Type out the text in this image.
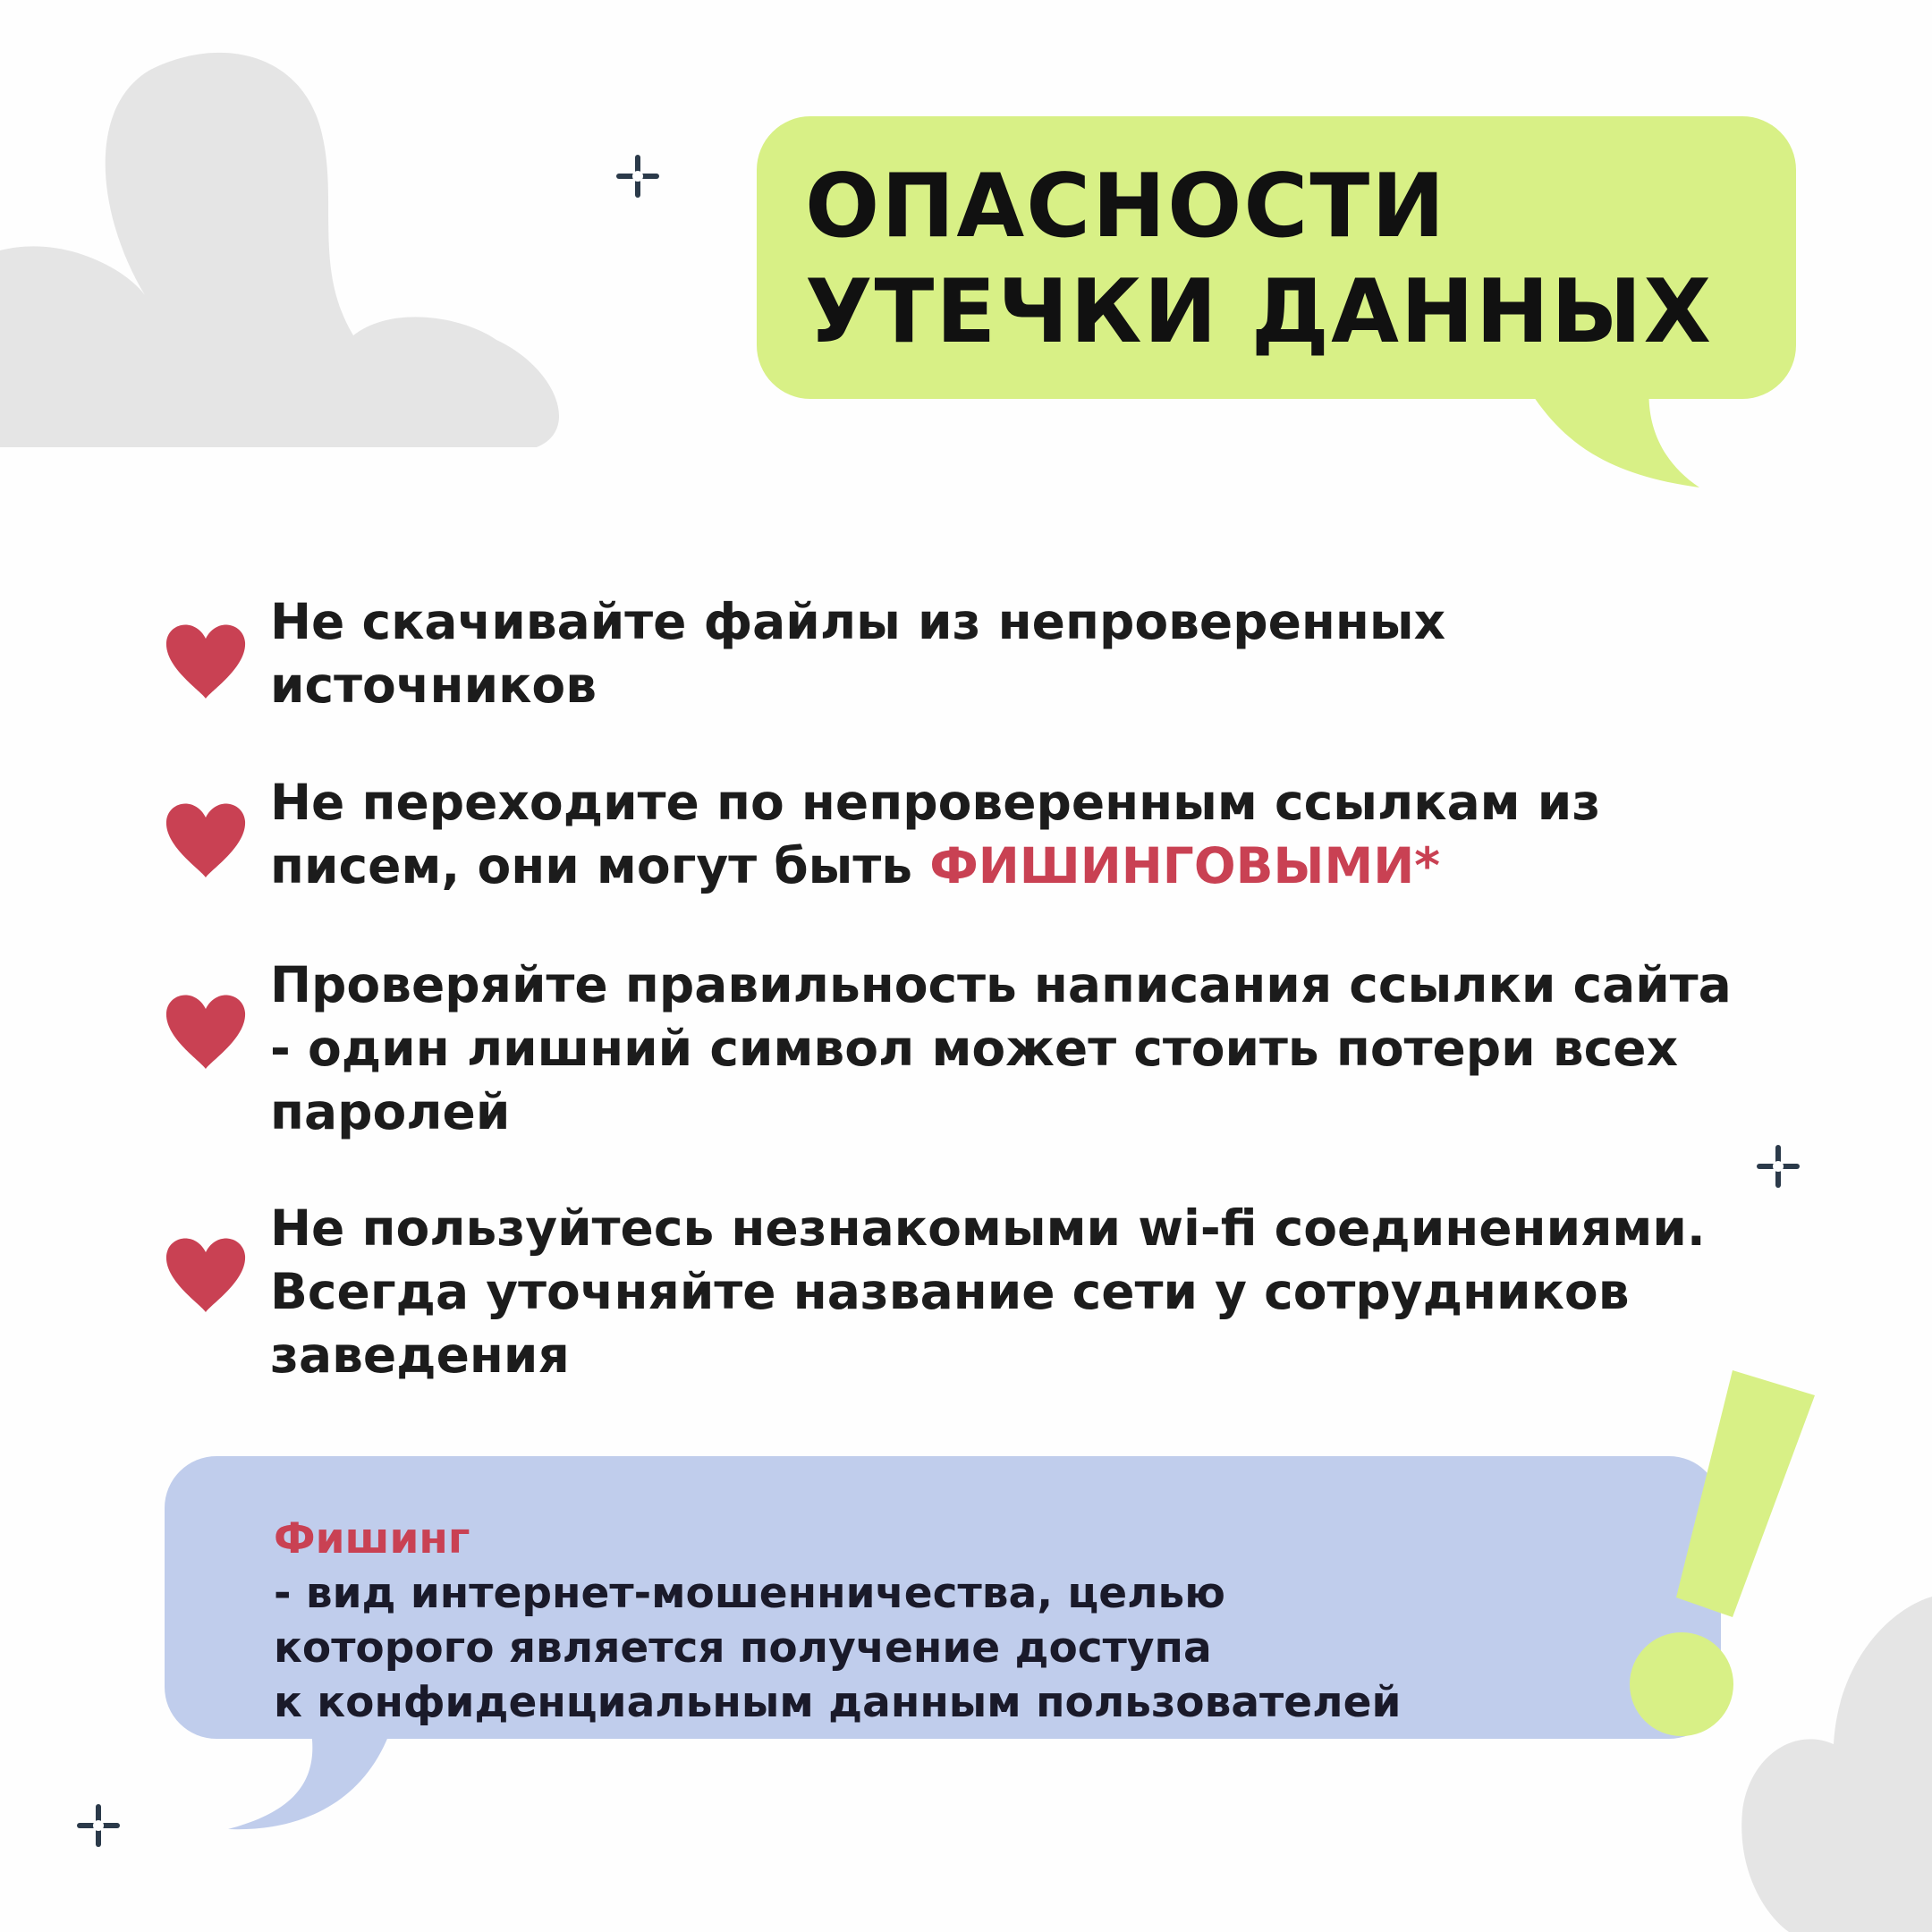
ОПАСНОСТИ
УТЕЧКИ ДАННЫХ

Не скачивайте файлы из непроверенных источников

Не переходите по непроверенным ссылкам из писем, они могут быть ФИШИНГОВЫМИ*

Проверяйте правильность написания ссылки сайта - один лишний символ может стоить потери всех паролей

Не пользуйтесь незнакомыми wi-fi соединениями. Всегда уточняйте название сети у сотрудников заведения

Фишинг
- вид интернет-мошенничества, целью
которого является получение доступа
к конфиденциальным данным пользователей
